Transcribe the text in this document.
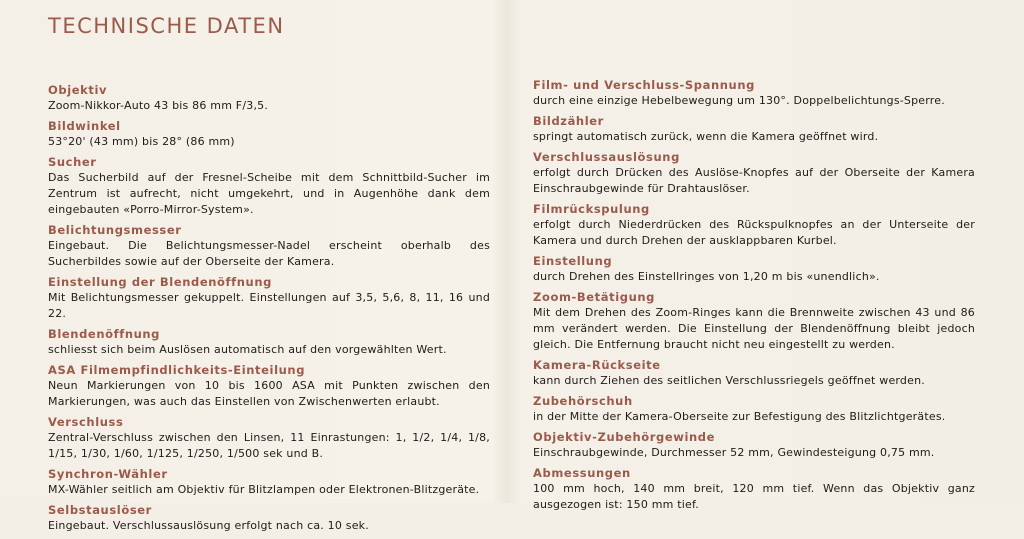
TECHNISCHE DATEN
Objektiv
Zoom-Nikkor-Auto 43 bis 86 mm F/3,5.
Bildwinkel
53°20' (43 mm) bis 28° (86 mm)
Sucher
Das Sucherbild auf der Fresnel-Scheibe mit dem Schnittbild-Sucher im Zentrum ist aufrecht, nicht umgekehrt, und in Augenhöhe dank dem eingebauten «Porro-Mirror-System».
Belichtungsmesser
Eingebaut. Die Belichtungsmesser-Nadel erscheint oberhalb des Sucherbildes sowie auf der Oberseite der Kamera.
Einstellung der Blendenöffnung
Mit Belichtungsmesser gekuppelt. Einstellungen auf 3,5, 5,6, 8, 11, 16 und 22.
Blendenöffnung
schliesst sich beim Auslösen automatisch auf den vorgewählten Wert.
ASA Filmempfindlichkeits-Einteilung
Neun Markierungen von 10 bis 1600 ASA mit Punkten zwischen den Markierungen, was auch das Einstellen von Zwischenwerten erlaubt.
Verschluss
Zentral-Verschluss zwischen den Linsen, 11 Einrastungen: 1, 1/2, 1/4, 1/8, 1/15, 1/30, 1/60, 1/125, 1/250, 1/500 sek und B.
Synchron-Wähler
MX-Wähler seitlich am Objektiv für Blitzlampen oder Elektronen-Blitzgeräte.
Selbstauslöser
Eingebaut. Verschlussauslösung erfolgt nach ca. 10 sek.
Film- und Verschluss-Spannung
durch eine einzige Hebelbewegung um 130°. Doppelbelichtungs-Sperre.
Bildzähler
springt automatisch zurück, wenn die Kamera geöffnet wird.
Verschlussauslösung
erfolgt durch Drücken des Auslöse-Knopfes auf der Oberseite der Kamera Einschraubgewinde für Drahtauslöser.
Filmrückspulung
erfolgt durch Niederdrücken des Rückspulknopfes an der Unterseite der Kamera und durch Drehen der ausklappbaren Kurbel.
Einstellung
durch Drehen des Einstellringes von 1,20 m bis «unendlich».
Zoom-Betätigung
Mit dem Drehen des Zoom-Ringes kann die Brennweite zwischen 43 und 86 mm verändert werden. Die Einstellung der Blendenöffnung bleibt jedoch gleich. Die Entfernung braucht nicht neu eingestellt zu werden.
Kamera-Rückseite
kann durch Ziehen des seitlichen Verschlussriegels geöffnet werden.
Zubehörschuh
in der Mitte der Kamera-Oberseite zur Befestigung des Blitzlichtgerätes.
Objektiv-Zubehörgewinde
Einschraubgewinde, Durchmesser 52 mm, Gewindesteigung 0,75 mm.
Abmessungen
100 mm hoch, 140 mm breit, 120 mm tief. Wenn das Objektiv ganz ausgezogen ist: 150 mm tief.
